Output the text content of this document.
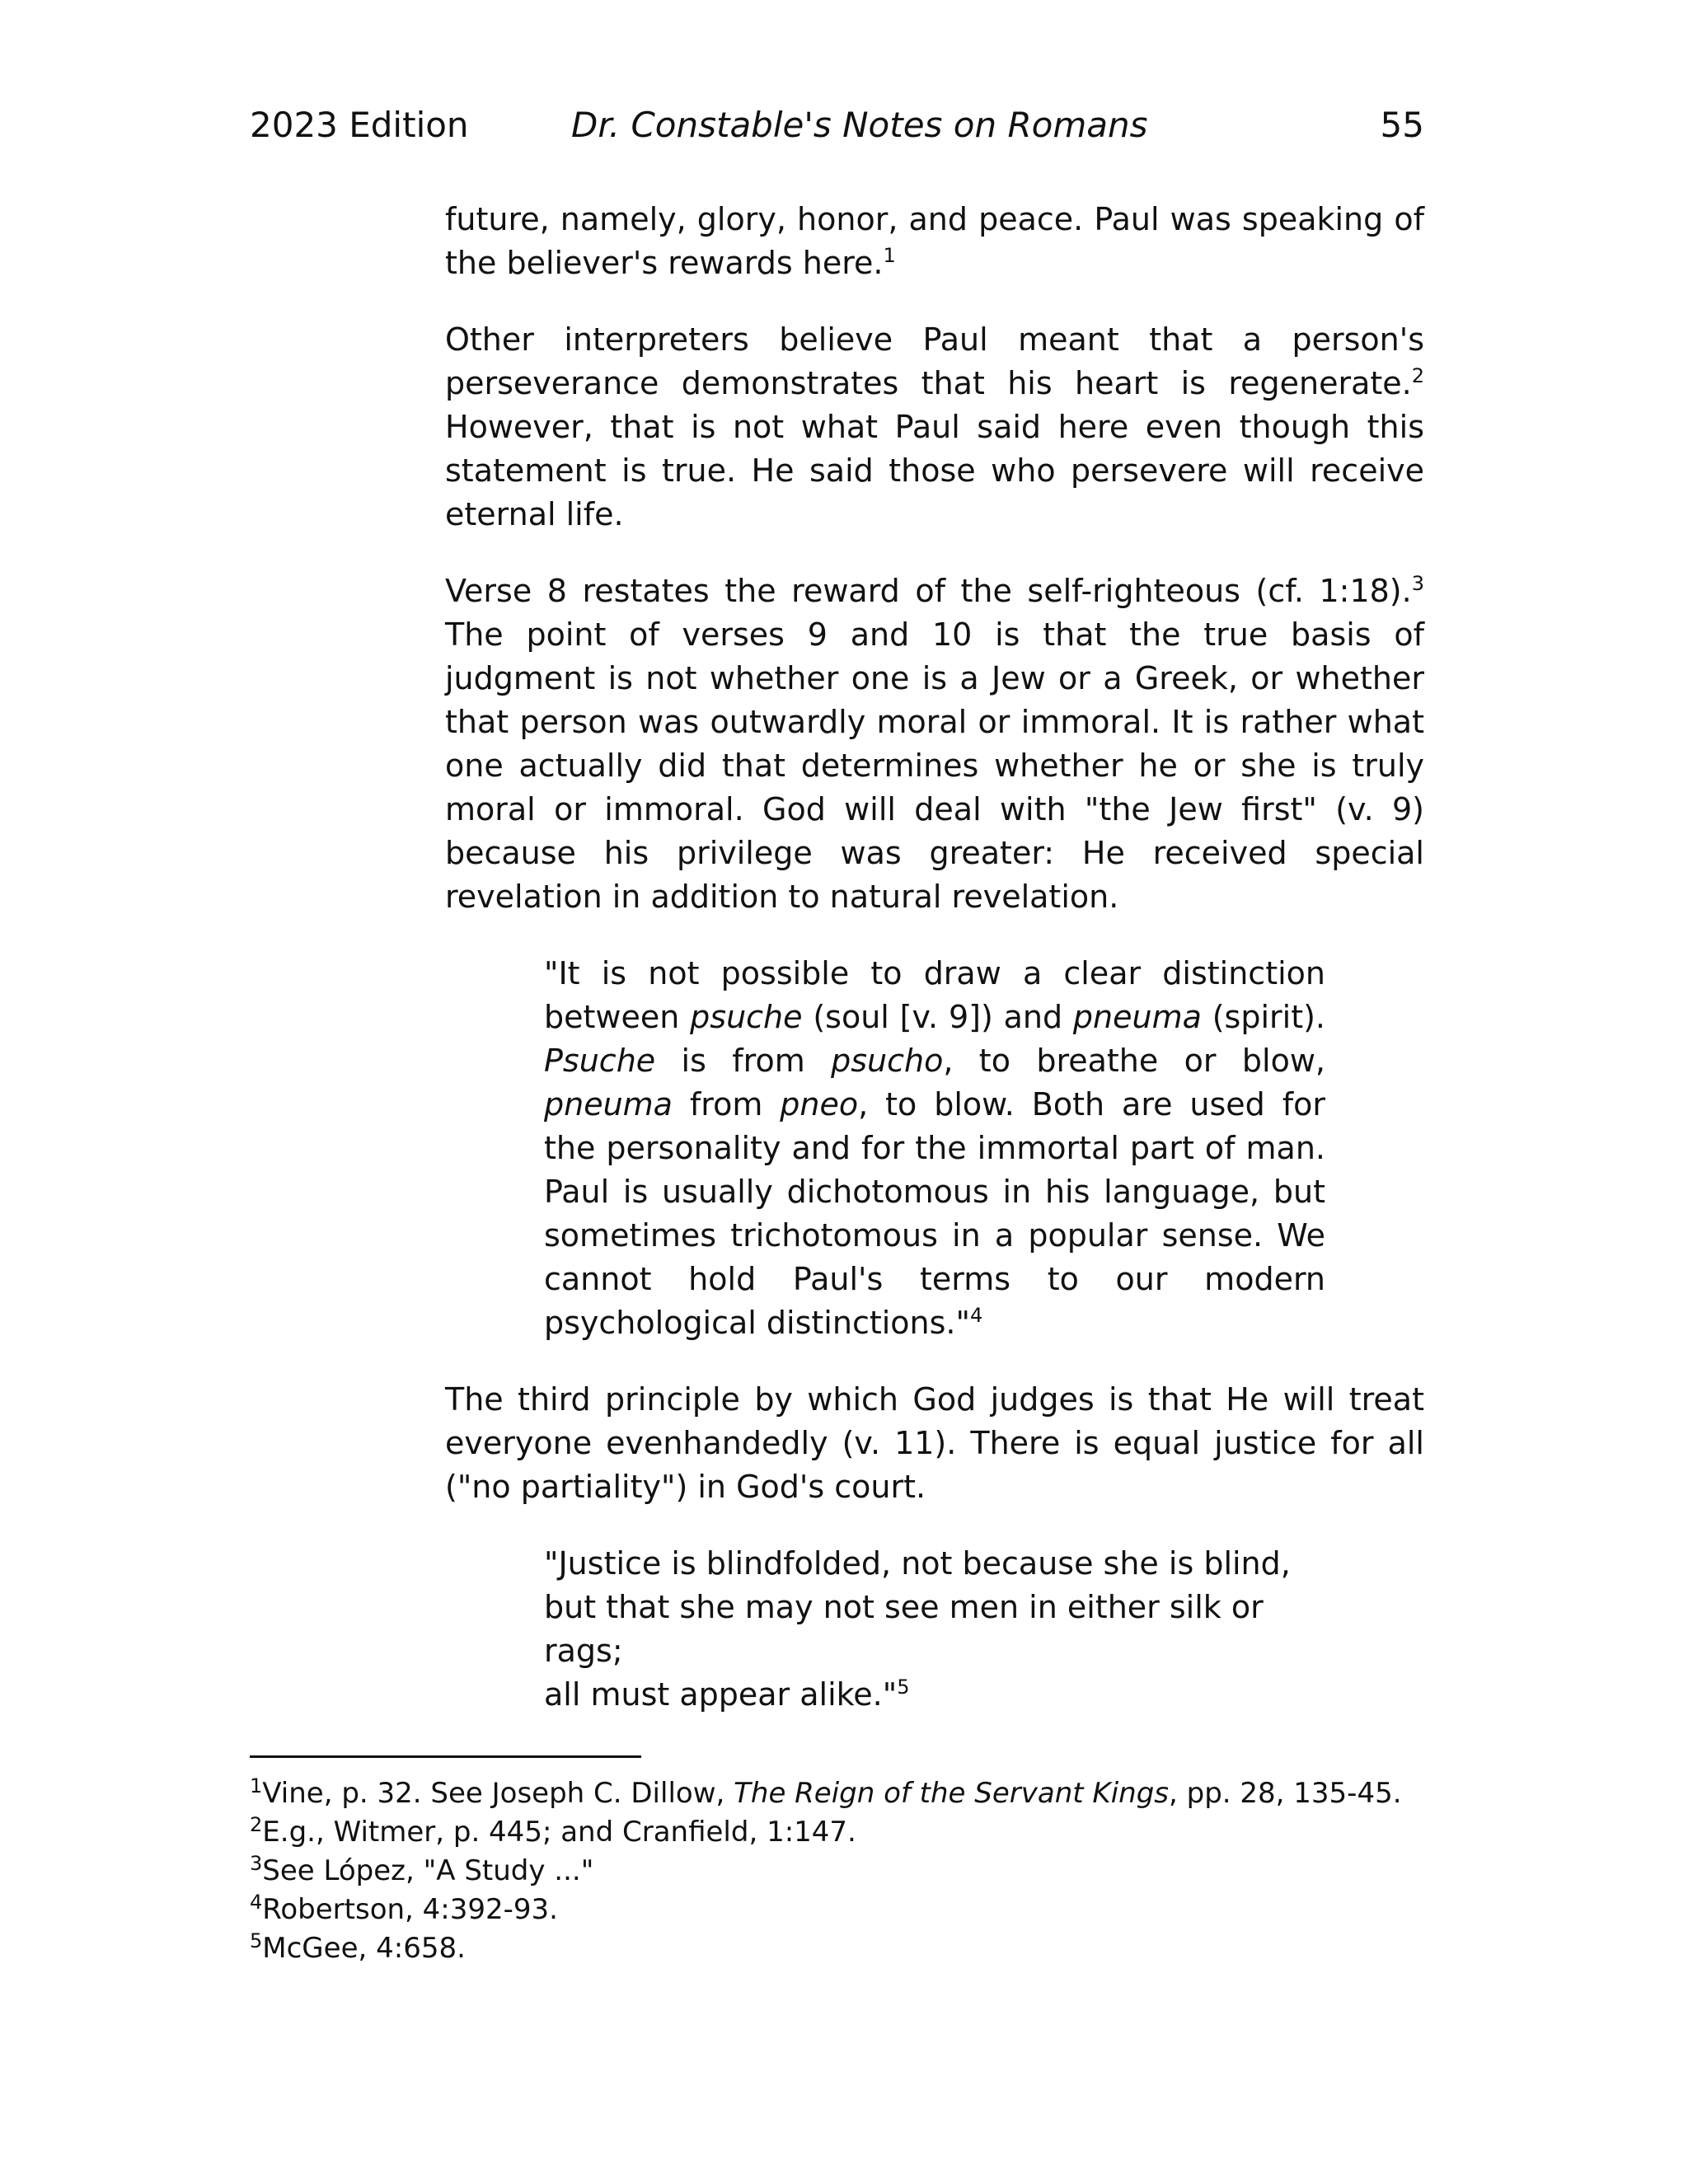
2023 Edition	Dr. Constable's Notes on Romans	55

future, namely, glory, honor, and peace. Paul was speaking of the believer's rewards here.$^1$

Other interpreters believe Paul meant that a person's perseverance demonstrates that his heart is regenerate.$^2$ However, that is not what Paul said here even though this statement is true. He said those who persevere will receive eternal life.

Verse 8 restates the reward of the self-righteous (cf. 1:18).$^3$ The point of verses 9 and 10 is that the true basis of judgment is not whether one is a Jew or a Greek, or whether that person was outwardly moral or immoral. It is rather what one actually did that determines whether he or she is truly moral or immoral. God will deal with "the Jew first" (v. 9) because his privilege was greater: He received special revelation in addition to natural revelation.

"It is not possible to draw a clear distinction between psuche (soul [v. 9]) and pneuma (spirit). Psuche is from psucho, to breathe or blow, pneuma from pneo, to blow. Both are used for the personality and for the immortal part of man. Paul is usually dichotomous in his language, but sometimes trichotomous in a popular sense. We cannot hold Paul's terms to our modern psychological distinctions."$^4$

The third principle by which God judges is that He will treat everyone evenhandedly (v. 11). There is equal justice for all ("no partiality") in God's court.

"Justice is blindfolded, not because she is blind,
but that she may not see men in either silk or rags;
all must appear alike."$^5$

$^1$Vine, p. 32. See Joseph C. Dillow, The Reign of the Servant Kings, pp. 28, 135-45.
$^2$E.g., Witmer, p. 445; and Cranfield, 1:147.
$^3$See López, "A Study ..."
$^4$Robertson, 4:392-93.
$^5$McGee, 4:658.
